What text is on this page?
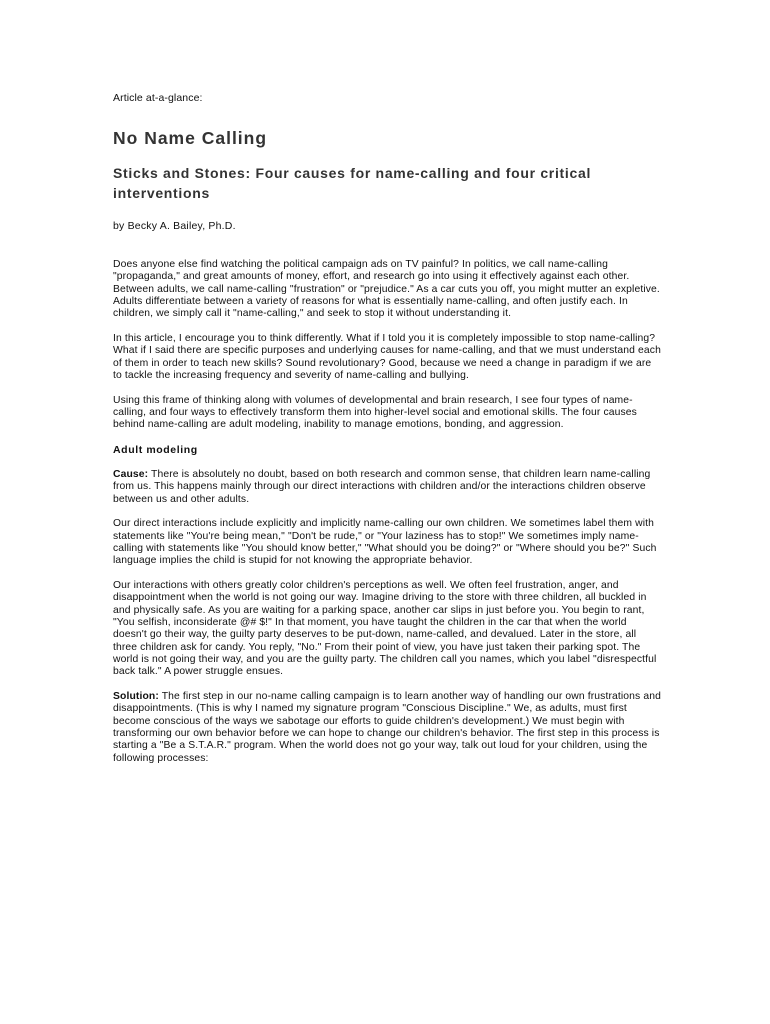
Article at-a-glance:
No Name Calling
Sticks and Stones: Four causes for name-calling and four critical interventions
by Becky A. Bailey, Ph.D.

Does anyone else find watching the political campaign ads on TV painful? In politics, we call name-calling "propaganda," and great amounts of money, effort, and research go into using it effectively against each other. Between adults, we call name-calling "frustration" or "prejudice." As a car cuts you off, you might mutter an expletive. Adults differentiate between a variety of reasons for what is essentially name-calling, and often justify each. In children, we simply call it "name-calling," and seek to stop it without understanding it.

In this article, I encourage you to think differently. What if I told you it is completely impossible to stop name-calling? What if I said there are specific purposes and underlying causes for name-calling, and that we must understand each of them in order to teach new skills? Sound revolutionary? Good, because we need a change in paradigm if we are to tackle the increasing frequency and severity of name-calling and bullying.

Using this frame of thinking along with volumes of developmental and brain research, I see four types of name-calling, and four ways to effectively transform them into higher-level social and emotional skills. The four causes behind name-calling are adult modeling, inability to manage emotions, bonding, and aggression.

Adult modeling

Cause: There is absolutely no doubt, based on both research and common sense, that children learn name-calling from us. This happens mainly through our direct interactions with children and/or the interactions children observe between us and other adults.

Our direct interactions include explicitly and implicitly name-calling our own children. We sometimes label them with statements like "You're being mean," "Don't be rude," or "Your laziness has to stop!" We sometimes imply name-calling with statements like "You should know better," "What should you be doing?" or "Where should you be?" Such language implies the child is stupid for not knowing the appropriate behavior.

Our interactions with others greatly color children's perceptions as well. We often feel frustration, anger, and disappointment when the world is not going our way. Imagine driving to the store with three children, all buckled in and physically safe. As you are waiting for a parking space, another car slips in just before you. You begin to rant, "You selfish, inconsiderate @# $!" In that moment, you have taught the children in the car that when the world doesn't go their way, the guilty party deserves to be put-down, name-called, and devalued. Later in the store, all three children ask for candy. You reply, "No." From their point of view, you have just taken their parking spot. The world is not going their way, and you are the guilty party. The children call you names, which you label "disrespectful back talk." A power struggle ensues.

Solution: The first step in our no-name calling campaign is to learn another way of handling our own frustrations and disappointments. (This is why I named my signature program "Conscious Discipline." We, as adults, must first become conscious of the ways we sabotage our efforts to guide children's development.) We must begin with transforming our own behavior before we can hope to change our children's behavior. The first step in this process is starting a "Be a S.T.A.R." program. When the world does not go your way, talk out loud for your children, using the following processes:
